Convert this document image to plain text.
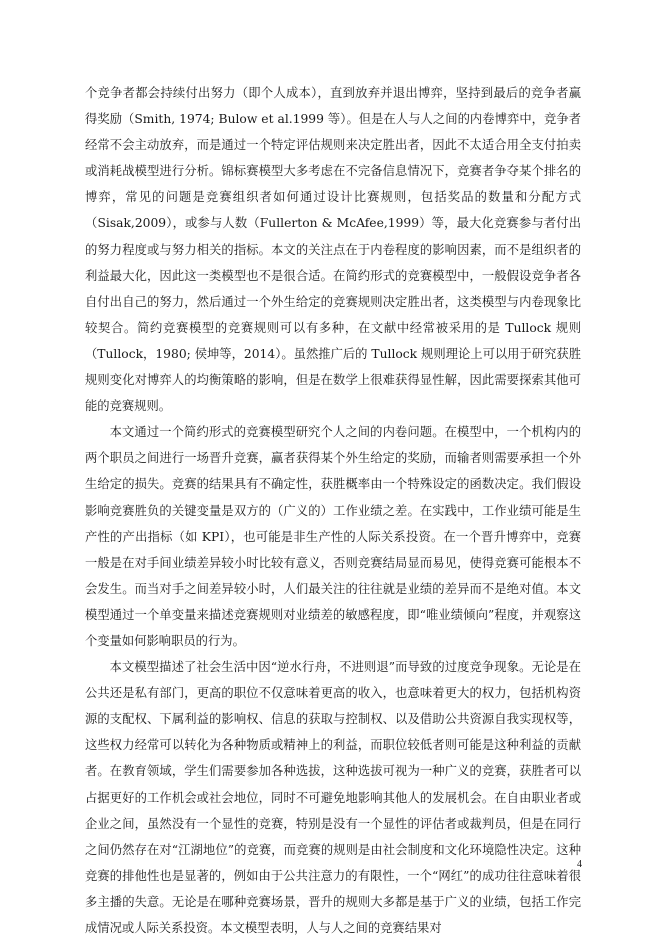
个竞争者都会持续付出努力（即个人成本），直到放弃并退出博弈，坚持到最后的竞争者赢得奖励（Smith, 1974; Bulow et al.1999 等）。但是在人与人之间的内卷博弈中，竞争者经常不会主动放弃，而是通过一个特定评估规则来决定胜出者，因此不太适合用全支付拍卖或消耗战模型进行分析。锦标赛模型大多考虑在不完备信息情况下，竞赛者争夺某个排名的博弈，常见的问题是竞赛组织者如何通过设计比赛规则，包括奖品的数量和分配方式（Sisak,2009），或参与人数（Fullerton & McAfee,1999）等，最大化竞赛参与者付出的努力程度或与努力相关的指标。本文的关注点在于内卷程度的影响因素，而不是组织者的利益最大化，因此这一类模型也不是很合适。在简约形式的竞赛模型中，一般假设竞争者各自付出自己的努力，然后通过一个外生给定的竞赛规则决定胜出者，这类模型与内卷现象比较契合。简约竞赛模型的竞赛规则可以有多种，在文献中经常被采用的是 Tullock 规则（Tullock，1980; 侯坤等，2014）。虽然推广后的 Tullock 规则理论上可以用于研究获胜规则变化对博弈人的均衡策略的影响，但是在数学上很难获得显性解，因此需要探索其他可能的竞赛规则。

本文通过一个简约形式的竞赛模型研究个人之间的内卷问题。在模型中，一个机构内的两个职员之间进行一场晋升竞赛，赢者获得某个外生给定的奖励，而输者则需要承担一个外生给定的损失。竞赛的结果具有不确定性，获胜概率由一个特殊设定的函数决定。我们假设影响竞赛胜负的关键变量是双方的（广义的）工作业绩之差。在实践中，工作业绩可能是生产性的产出指标（如 KPI），也可能是非生产性的人际关系投资。在一个晋升博弈中，竞赛一般是在对手间业绩差异较小时比较有意义，否则竞赛结局显而易见，使得竞赛可能根本不会发生。而当对手之间差异较小时，人们最关注的往往就是业绩的差异而不是绝对值。本文模型通过一个单变量来描述竞赛规则对业绩差的敏感程度，即“唯业绩倾向”程度，并观察这个变量如何影响职员的行为。

本文模型描述了社会生活中因“逆水行舟，不进则退”而导致的过度竞争现象。无论是在公共还是私有部门，更高的职位不仅意味着更高的收入，也意味着更大的权力，包括机构资源的支配权、下属利益的影响权、信息的获取与控制权、以及借助公共资源自我实现权等，这些权力经常可以转化为各种物质或精神上的利益，而职位较低者则可能是这种利益的贡献者。在教育领域，学生们需要参加各种选拔，这种选拔可视为一种广义的竞赛，获胜者可以占据更好的工作机会或社会地位，同时不可避免地影响其他人的发展机会。在自由职业者或企业之间，虽然没有一个显性的竞赛，特别是没有一个显性的评估者或裁判员，但是在同行之间仍然存在对“江湖地位”的竞赛，而竞赛的规则是由社会制度和文化环境隐性决定。这种竞赛的排他性也是显著的，例如由于公共注意力的有限性，一个“网红”的成功往往意味着很多主播的失意。无论是在哪种竞赛场景，晋升的规则大多都是基于广义的业绩，包括工作完成情况或人际关系投资。本文模型表明，人与人之间的竞赛结果对

4
